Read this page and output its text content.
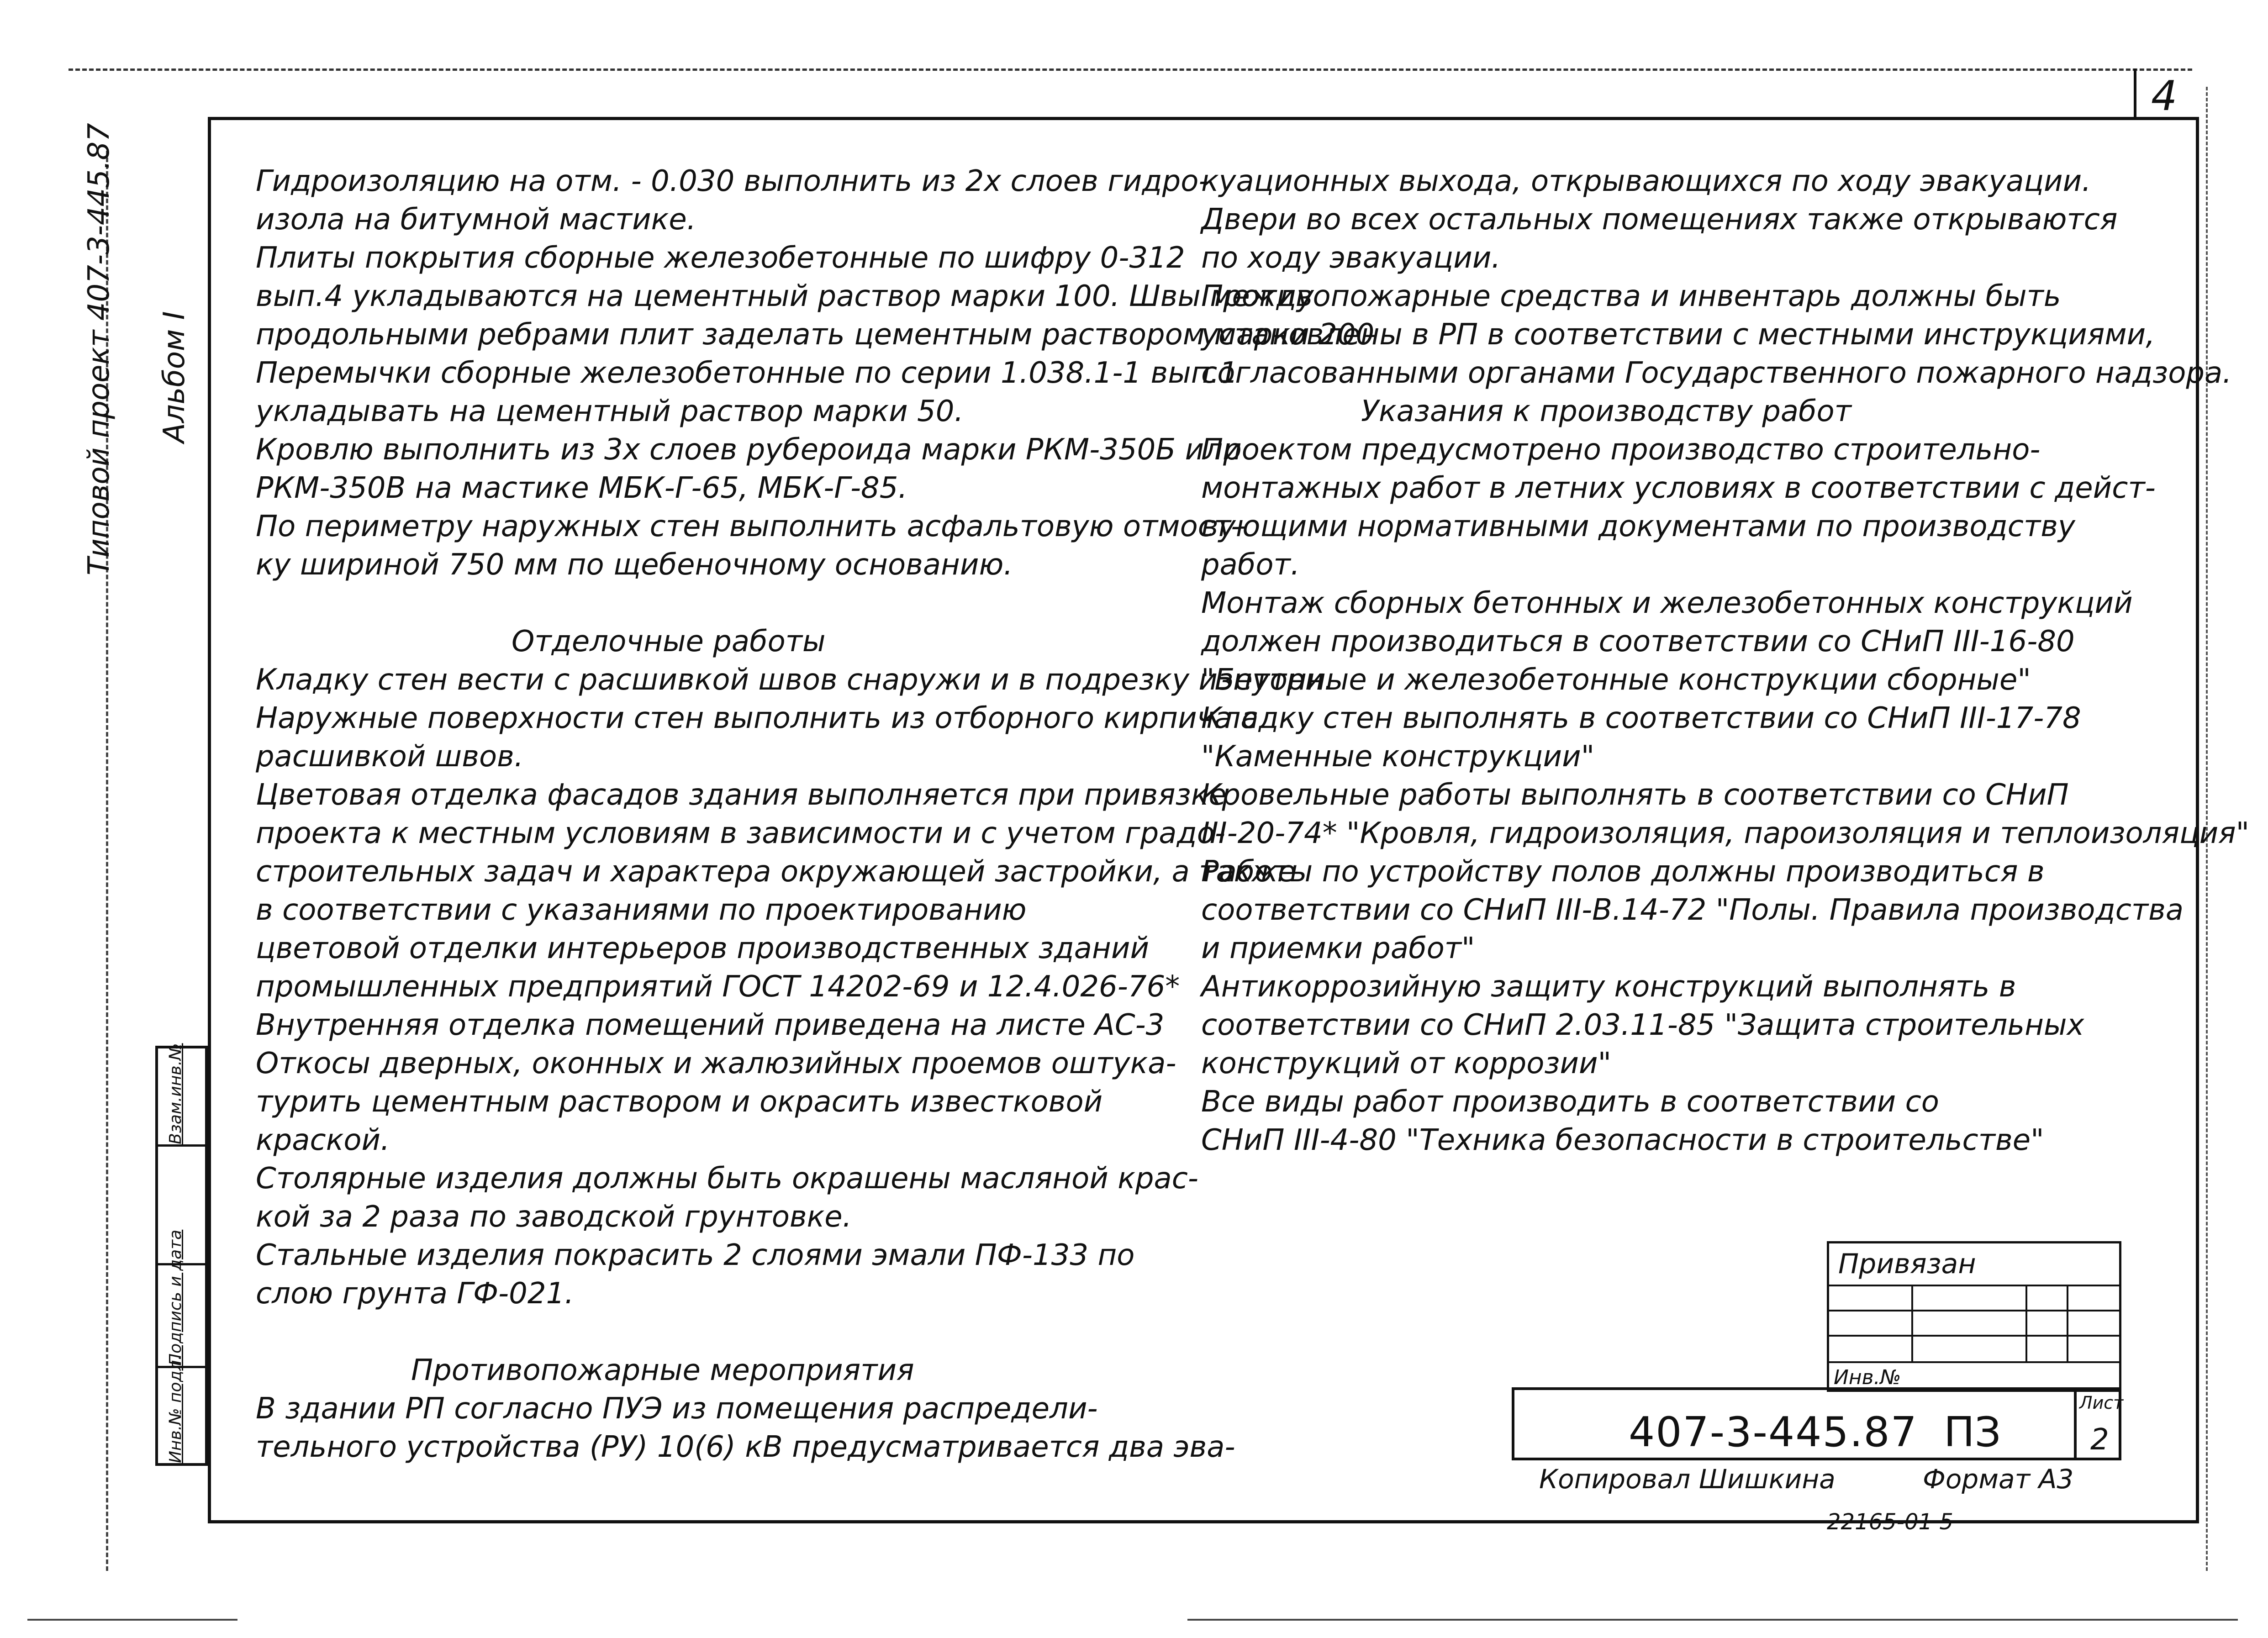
4
Типовой проект 407-3-445.87 Альбом I
Инв.№ подл.
Подпись и дата
Взам.инв.№

Гидроизоляцию на отм. - 0.030 выполнить из 2х слоев гидро-

изола на битумной мастике.

Плиты покрытия сборные железобетонные по шифру 0-312

вып.4 укладываются на цементный раствор марки 100. Швы между

продольными ребрами плит заделать цементным раствором марки 200

Перемычки сборные железобетонные по серии 1.038.1-1 вып.1

укладывать на цементный раствор марки 50.

Кровлю выполнить из 3х слоев рубероида марки РКМ-350Б или

РКМ-350В на мастике МБК-Г-65, МБК-Г-85.

По периметру наружных стен выполнить асфальтовую отмост-

ку шириной 750 мм по щебеночному основанию.

Отделочные работы

Кладку стен вести с расшивкой швов снаружи и в подрезку изнутри.

Наружные поверхности стен выполнить из отборного кирпича с

расшивкой швов.

Цветовая отделка фасадов здания выполняется при привязке

проекта к местным условиям в зависимости и с учетом градо-

строительных задач и характера окружающей застройки, а также

в соответствии с указаниями по проектированию

цветовой отделки интерьеров производственных зданий

промышленных предприятий ГОСТ 14202-69 и 12.4.026-76*

Внутренняя отделка помещений приведена на листе АС-3

Откосы дверных, оконных и жалюзийных проемов оштука-

турить цементным раствором и окрасить известковой

краской.

Столярные изделия должны быть окрашены масляной крас-

кой за 2 раза по заводской грунтовке.

Стальные изделия покрасить 2 слоями эмали ПФ-133 по

слою грунта ГФ-021.

Противопожарные мероприятия

В здании РП согласно ПУЭ из помещения распредели-

тельного устройства (РУ) 10(6) кВ предусматривается два эва-

куационных выхода, открывающихся по ходу эвакуации.

Двери во всех остальных помещениях также открываются

по ходу эвакуации.

Противопожарные средства и инвентарь должны быть

установлены в РП в соответствии с местными инструкциями,

согласованными органами Государственного пожарного надзора.

Указания к производству работ

Проектом предусмотрено производство строительно-

монтажных работ в летних условиях в соответствии с дейст-

вующими нормативными документами по производству

работ.

Монтаж сборных бетонных и железобетонных конструкций

должен производиться в соответствии со СНиП III-16-80

"Бетонные и железобетонные конструкции сборные"

Кладку стен выполнять в соответствии со СНиП III-17-78

"Каменные конструкции"

Кровельные работы выполнять в соответствии со СНиП

III-20-74* "Кровля, гидроизоляция, пароизоляция и теплоизоляция"

Работы по устройству полов должны производиться в

соответствии со СНиП III-В.14-72 "Полы. Правила производства

и приемки работ"

Антикоррозийную защиту конструкций выполнять в

соответствии со СНиП 2.03.11-85 "Защита строительных

конструкций от коррозии"

Все виды работ производить в соответствии со

СНиП III-4-80 "Техника безопасности в строительстве"

Привязан
Инв.№
407-3-445.87 ПЗ
Лист
2
Копировал Шишкина	Формат А3
22165-01 5
